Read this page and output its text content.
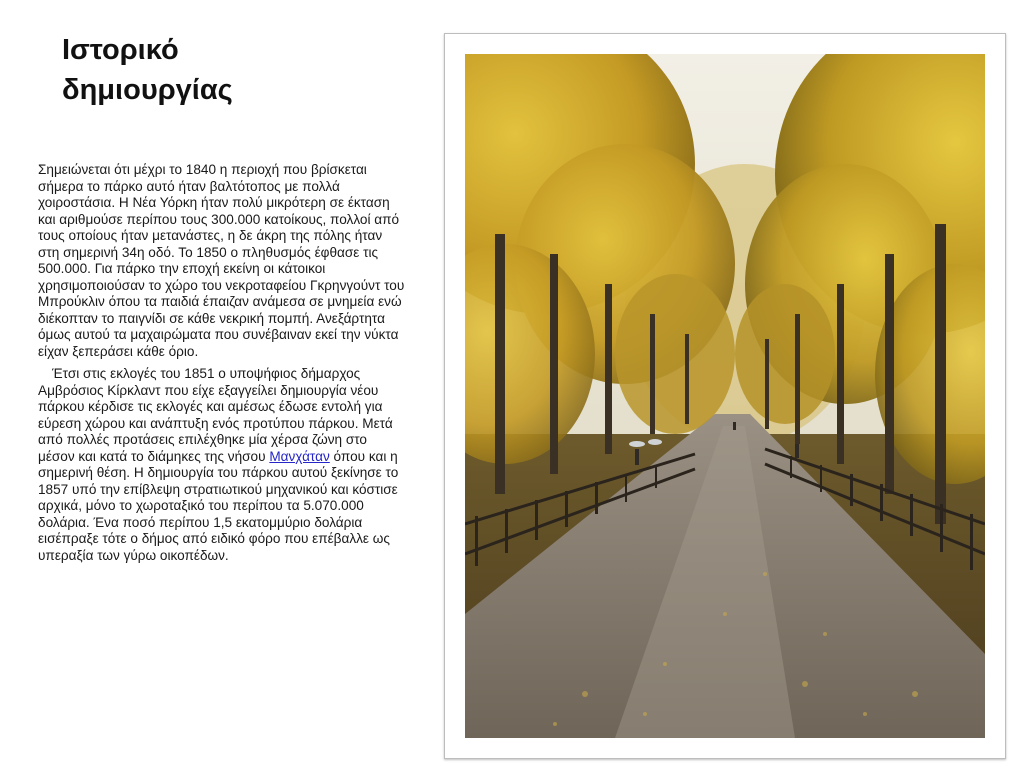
Ιστορικό
δημιουργίας

Σημειώνεται ότι μέχρι το 1840 η περιοχή που βρίσκεται σήμερα το πάρκο αυτό ήταν βαλτότοπος με πολλά χοιροστάσια. Η Νέα Υόρκη ήταν πολύ μικρότερη σε έκταση και αριθμούσε περίπου τους 300.000 κατοίκους, πολλοί από τους οποίους ήταν μετανάστες, η δε άκρη της πόλης ήταν στη σημερινή 34η οδό. Το 1850 ο πληθυσμός έφθασε τις 500.000. Για πάρκο την εποχή εκείνη οι κάτοικοι χρησιμοποιούσαν το χώρο του νεκροταφείου Γκρηνγούντ του Μπρούκλιν όπου τα παιδιά έπαιζαν ανάμεσα σε μνημεία ενώ διέκοπταν το παιγνίδι σε κάθε νεκρική πομπή. Ανεξάρτητα όμως αυτού τα μαχαιρώματα που συνέβαιναν εκεί την νύκτα είχαν ξεπεράσει κάθε όριο.

Έτσι στις εκλογές του 1851 ο υποψήφιος δήμαρχος Αμβρόσιος Κίρκλαντ που είχε εξαγγείλει δημιουργία νέου πάρκου κέρδισε τις εκλογές και αμέσως έδωσε εντολή για εύρεση χώρου και ανάπτυξη ενός προτύπου πάρκου. Μετά από πολλές προτάσεις επιλέχθηκε μία χέρσα ζώνη στο μέσον και κατά το διάμηκες της νήσου Μανχάταν όπου και η σημερινή θέση. Η δημιουργία του πάρκου αυτού ξεκίνησε το 1857 υπό την επίβλεψη στρατιωτικού μηχανικού και κόστισε αρχικά, μόνο το χωροταξικό του περίπου τα 5.070.000 δολάρια. Ένα ποσό περίπου 1,5 εκατομμύριο δολάρια εισέπραξε τότε ο δήμος από ειδικό φόρο που επέβαλλε ως υπεραξία των γύρω οικοπέδων.
